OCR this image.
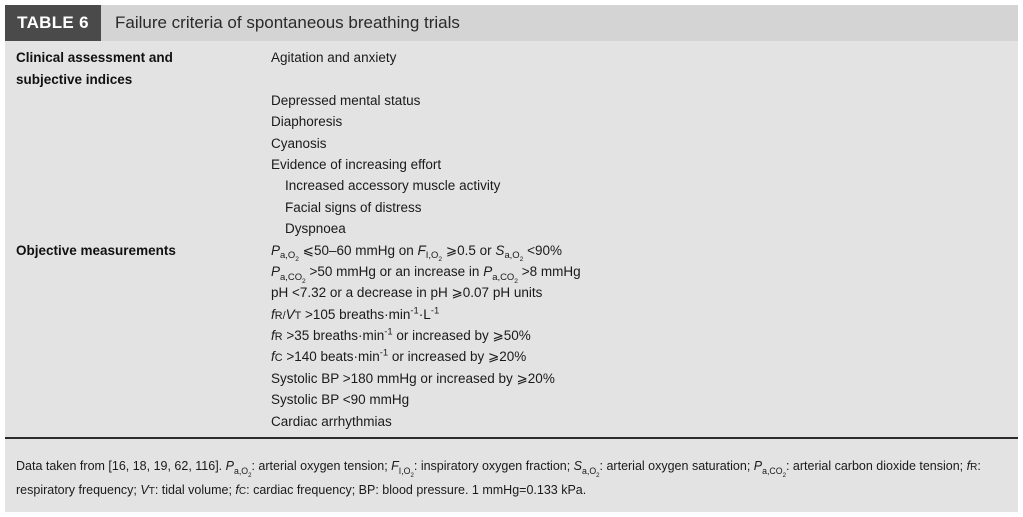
TABLE 6	Failure criteria of spontaneous breathing trials
Clinical assessment and
subjective indices
Objective measurements
Agitation and anxiety
Depressed mental status
Diaphoresis
Cyanosis
Evidence of increasing effort
Increased accessory muscle activity
Facial signs of distress
Dyspnoea
$P_{a,O_2}$ ⩽50–60 mmHg on $F_{I,O_2}$ ⩾0.5 or $S_{a,O_2} <90\%$
$P_{a,CO_2} >50$ mmHg or an increase in $P_{a,CO_2} >8$ mmHg
pH <7.32 or a decrease in pH ⩾0.07 pH units
fR/VT >105 $breaths\cdot\min^{-1}\cdot L^{-1}$
fR >35 $breaths\cdot\min^{-1}$ or increased by ⩾50%
fC >140 $beats\cdot\min^{-1}$ or increased by ⩾20%
Systolic BP >180 mmHg or increased by ⩾20%
Systolic BP <90 mmHg
Cardiac arrhythmias
Data taken from [16, 18, 19, 62, 116]. $P_{a,O_2}$: arterial oxygen tension; $F_{I,O_2}$: inspiratory oxygen fraction; $S_{a,O_2}$: arterial oxygen saturation; $P_{a,CO_2}$: arterial carbon dioxide tension; fR: respiratory frequency; VT: tidal volume; fC: cardiac frequency; BP: blood pressure. 1 mmHg=0.133 kPa.
